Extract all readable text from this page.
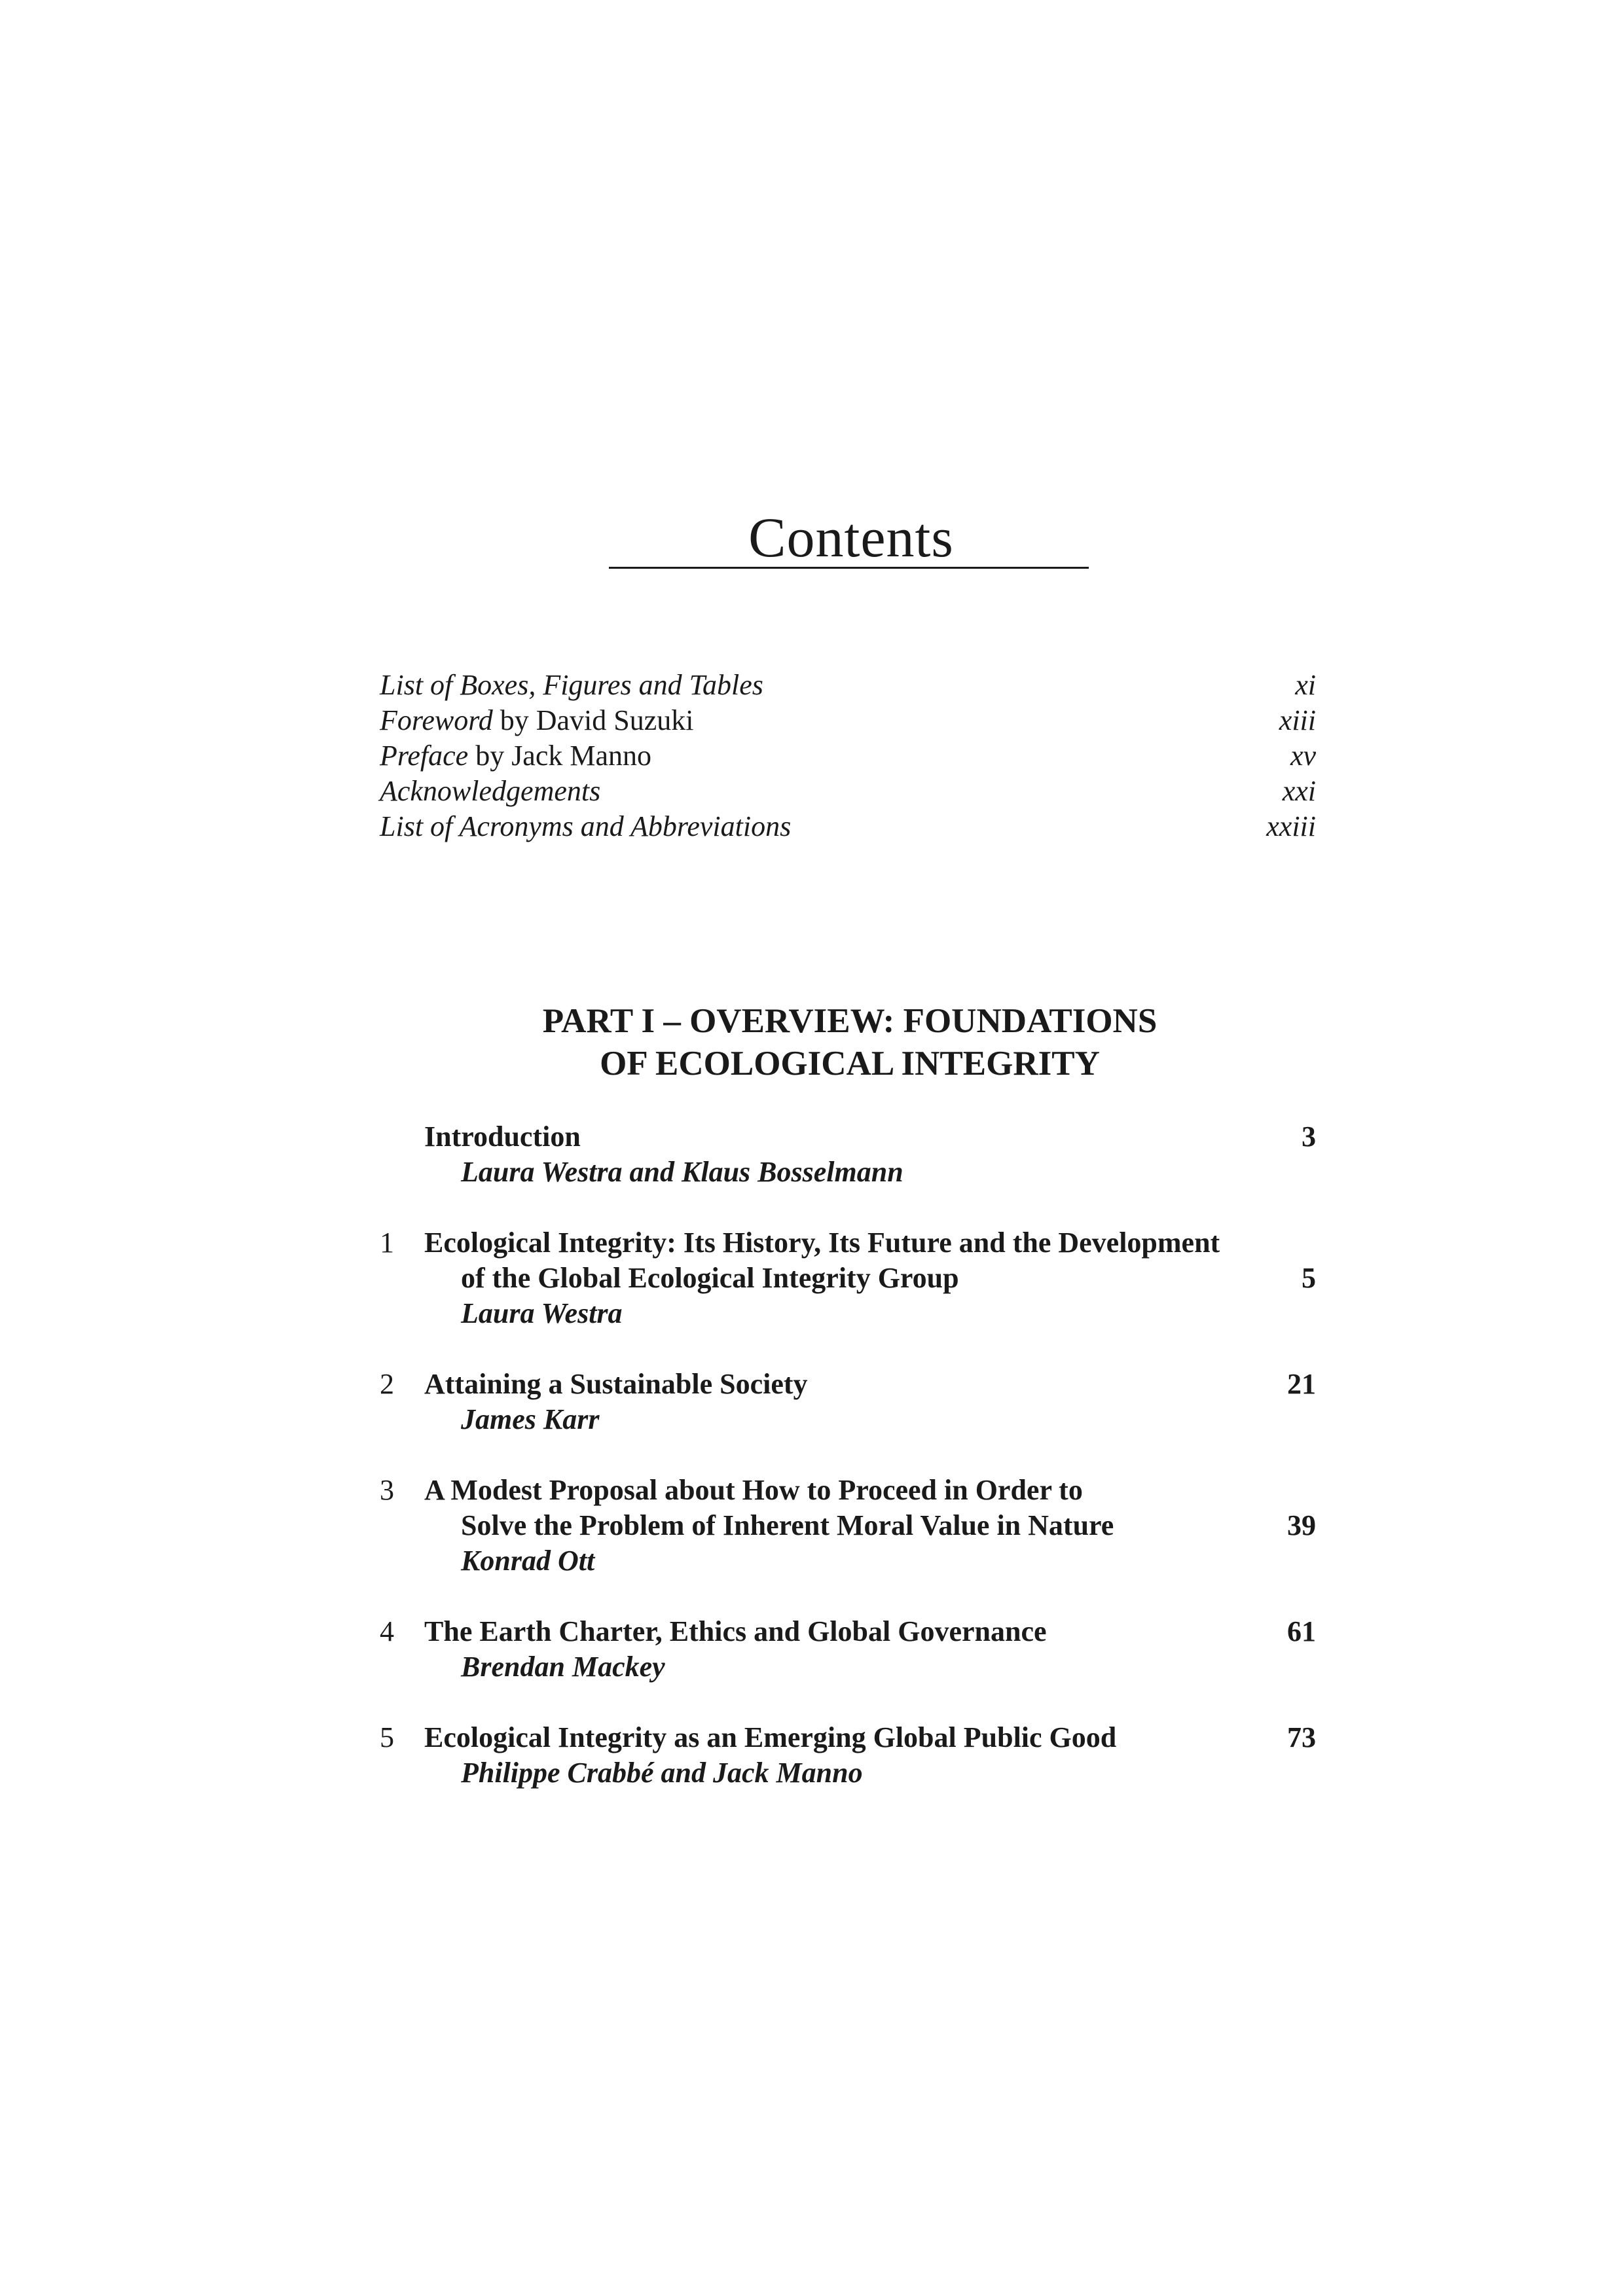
Contents
List of Boxes, Figures and Tables	xi
Foreword by David Suzuki	xiii
Preface by Jack Manno	xv
Acknowledgements	xxi
List of Acronyms and Abbreviations	xxiii
PART I – OVERVIEW: FOUNDATIONS
OF ECOLOGICAL INTEGRITY
Introduction	3
Laura Westra and Klaus Bosselmann
1 Ecological Integrity: Its History, Its Future and the Development
of the Global Ecological Integrity Group	5
Laura Westra
2 Attaining a Sustainable Society	21
James Karr
3 A Modest Proposal about How to Proceed in Order to
Solve the Problem of Inherent Moral Value in Nature	39
Konrad Ott
4 The Earth Charter, Ethics and Global Governance	61
Brendan Mackey
5 Ecological Integrity as an Emerging Global Public Good	73
Philippe Crabbé and Jack Manno
